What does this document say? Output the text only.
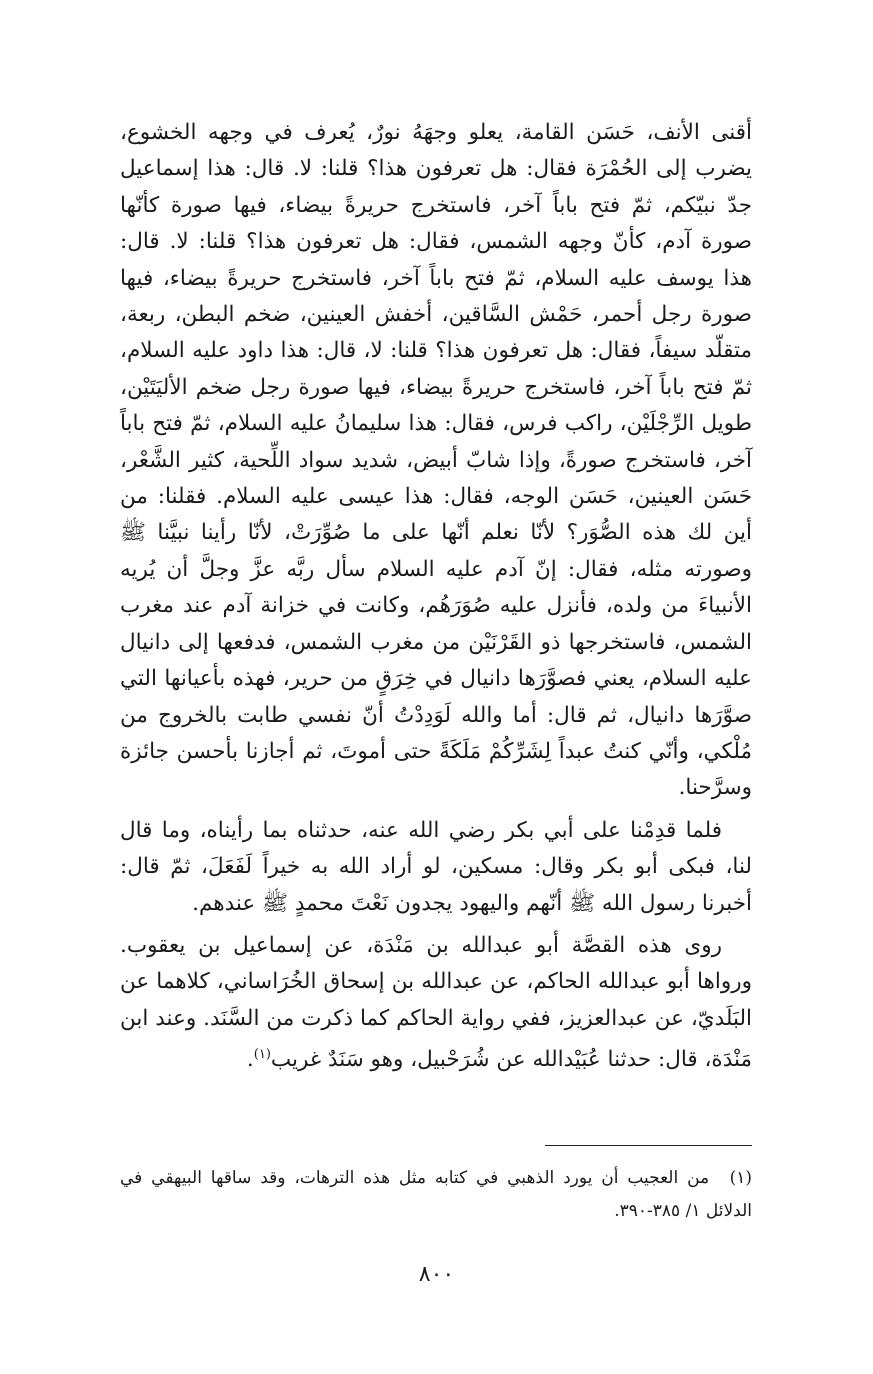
أقنى الأنف، حَسَن القامة، يعلو وجهَهُ نورٌ، يُعرف في وجهه الخشوع، يضرب إلى الحُمْرَة فقال: هل تعرفون هذا؟ قلنا: لا. قال: هذا إسماعيل جدّ نبيّكم، ثمّ فتح باباً آخر، فاستخرج حريرةً بيضاء، فيها صورة كأنّها صورة آدم، كأنّ وجهه الشمس، فقال: هل تعرفون هذا؟ قلنا: لا. قال: هذا يوسف عليه السلام، ثمّ فتح باباً آخر، فاستخرج حريرةً بيضاء، فيها صورة رجل أحمر، حَمْش السَّاقين، أخفش العينين، ضخم البطن، ربعة، متقلّد سيفاً، فقال: هل تعرفون هذا؟ قلنا: لا، قال: هذا داود عليه السلام، ثمّ فتح باباً آخر، فاستخرج حريرةً بيضاء، فيها صورة رجل ضخم الأليَتَيْن، طويل الرِّجْلَيْن، راكب فرس، فقال: هذا سليمانُ عليه السلام، ثمّ فتح باباً آخر، فاستخرج صورةً، وإذا شابّ أبيض، شديد سواد اللِّحية، كثير الشَّعْر، حَسَن العينين، حَسَن الوجه، فقال: هذا عيسى عليه السلام. فقلنا: من أين لك هذه الصُّوَر؟ لأنّا نعلم أنّها على ما صُوِّرَتْ، لأنّا رأينا نبيَّنا ﷺ وصورته مثله، فقال: إنّ آدم عليه السلام سأل ربَّه عزَّ وجلَّ أن يُريه الأنبياءَ من ولده، فأنزل عليه صُوَرَهُم، وكانت في خزانة آدم عند مغرب الشمس، فاستخرجها ذو القَرْنَيْن من مغرب الشمس، فدفعها إلى دانيال عليه السلام، يعني فصوَّرَها دانيال في خِرَقٍ من حرير، فهذه بأعيانها التي صوَّرَها دانيال، ثم قال: أما والله لَوَدِدْتُ أنّ نفسي طابت بالخروج من مُلْكي، وأنّي كنتُ عبداً لِشَرِّكُمْ مَلَكَةً حتى أموتَ، ثم أجازنا بأحسن جائزة وسرَّحنا.

فلما قدِمْنا على أبي بكر رضي الله عنه، حدثناه بما رأيناه، وما قال لنا، فبكى أبو بكر وقال: مسكين، لو أراد الله به خيراً لَفَعَلَ، ثمّ قال: أخبرنا رسول الله ﷺ أنّهم واليهود يجدون نَعْتَ محمدٍ ﷺ عندهم.

روى هذه القصَّة أبو عبدالله بن مَنْدَة، عن إسماعيل بن يعقوب. ورواها أبو عبدالله الحاكم، عن عبدالله بن إسحاق الخُرَاساني، كلاهما عن البَلَديّ، عن عبدالعزيز، ففي رواية الحاكم كما ذكرت من السَّنَد. وعند ابن مَنْدَة، قال: حدثنا عُبَيْدالله عن شُرَحْبيل، وهو سَنَدٌ غريب$^{(١)}$.

(١) من العجيب أن يورد الذهبي في كتابه مثل هذه الترهات، وقد ساقها البيهقي في الدلائل ١/ ٣٨٥-٣٩٠.
٨٠٠
